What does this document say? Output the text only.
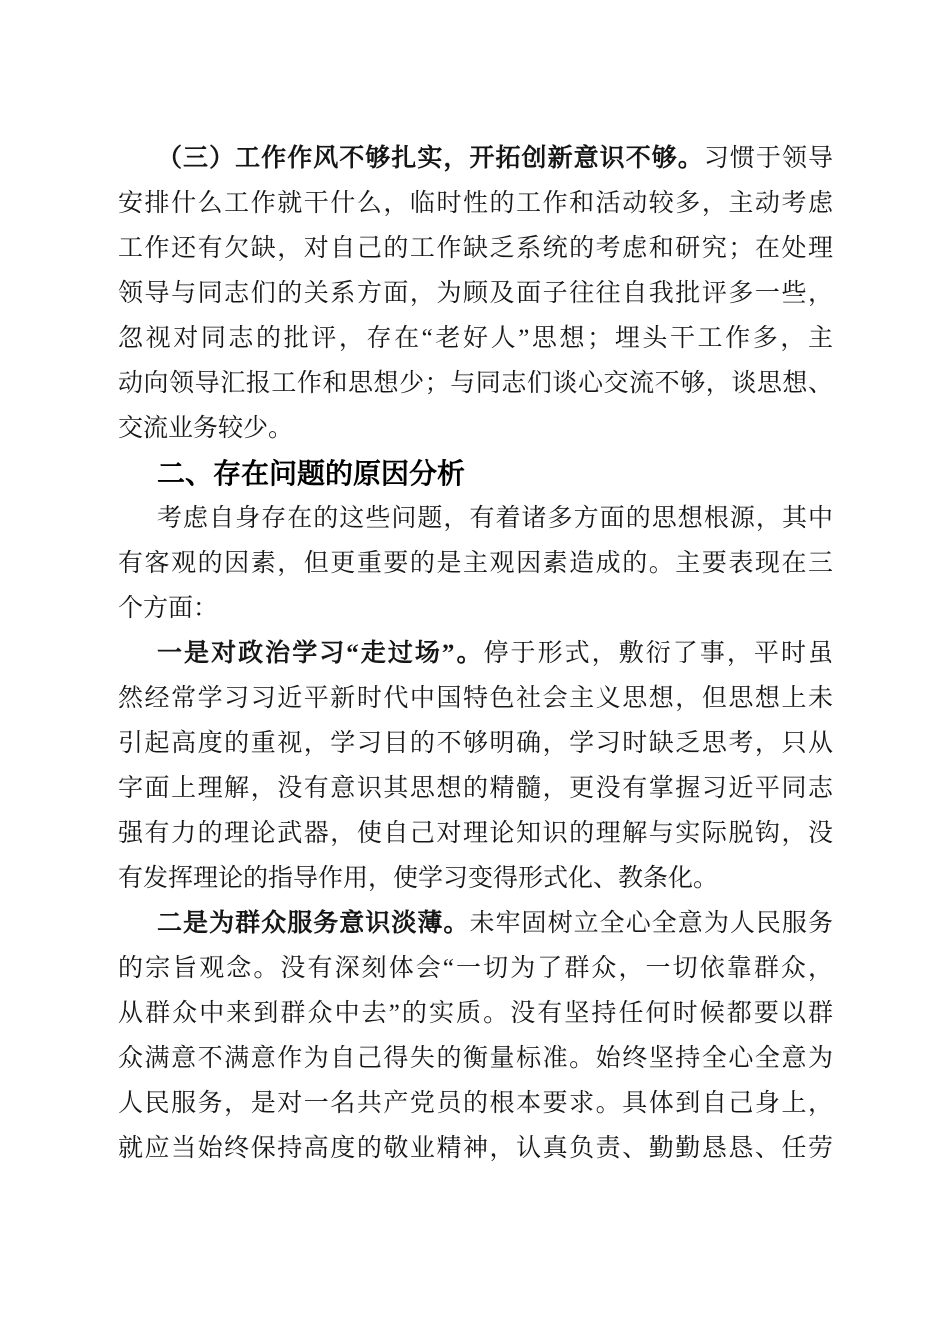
（三）工作作风不够扎实，开拓创新意识不够。习惯于领导
安排什么工作就干什么，临时性的工作和活动较多，主动考虑
工作还有欠缺，对自己的工作缺乏系统的考虑和研究；在处理
领导与同志们的关系方面，为顾及面子往往自我批评多一些，
忽视对同志的批评，存在“老好人”思想；埋头干工作多，主
动向领导汇报工作和思想少；与同志们谈心交流不够，谈思想、
交流业务较少。
二、存在问题的原因分析
考虑自身存在的这些问题，有着诸多方面的思想根源，其中
有客观的因素，但更重要的是主观因素造成的。主要表现在三
个方面：
一是对政治学习“走过场”。停于形式，敷衍了事，平时虽
然经常学习习近平新时代中国特色社会主义思想，但思想上未
引起高度的重视，学习目的不够明确，学习时缺乏思考，只从
字面上理解，没有意识其思想的精髓，更没有掌握习近平同志
强有力的理论武器，使自己对理论知识的理解与实际脱钩，没
有发挥理论的指导作用，使学习变得形式化、教条化。
二是为群众服务意识淡薄。未牢固树立全心全意为人民服务
的宗旨观念。没有深刻体会“一切为了群众，一切依靠群众，
从群众中来到群众中去”的实质。没有坚持任何时候都要以群
众满意不满意作为自己得失的衡量标准。始终坚持全心全意为
人民服务，是对一名共产党员的根本要求。具体到自己身上，
就应当始终保持高度的敬业精神，认真负责、勤勤恳恳、任劳
